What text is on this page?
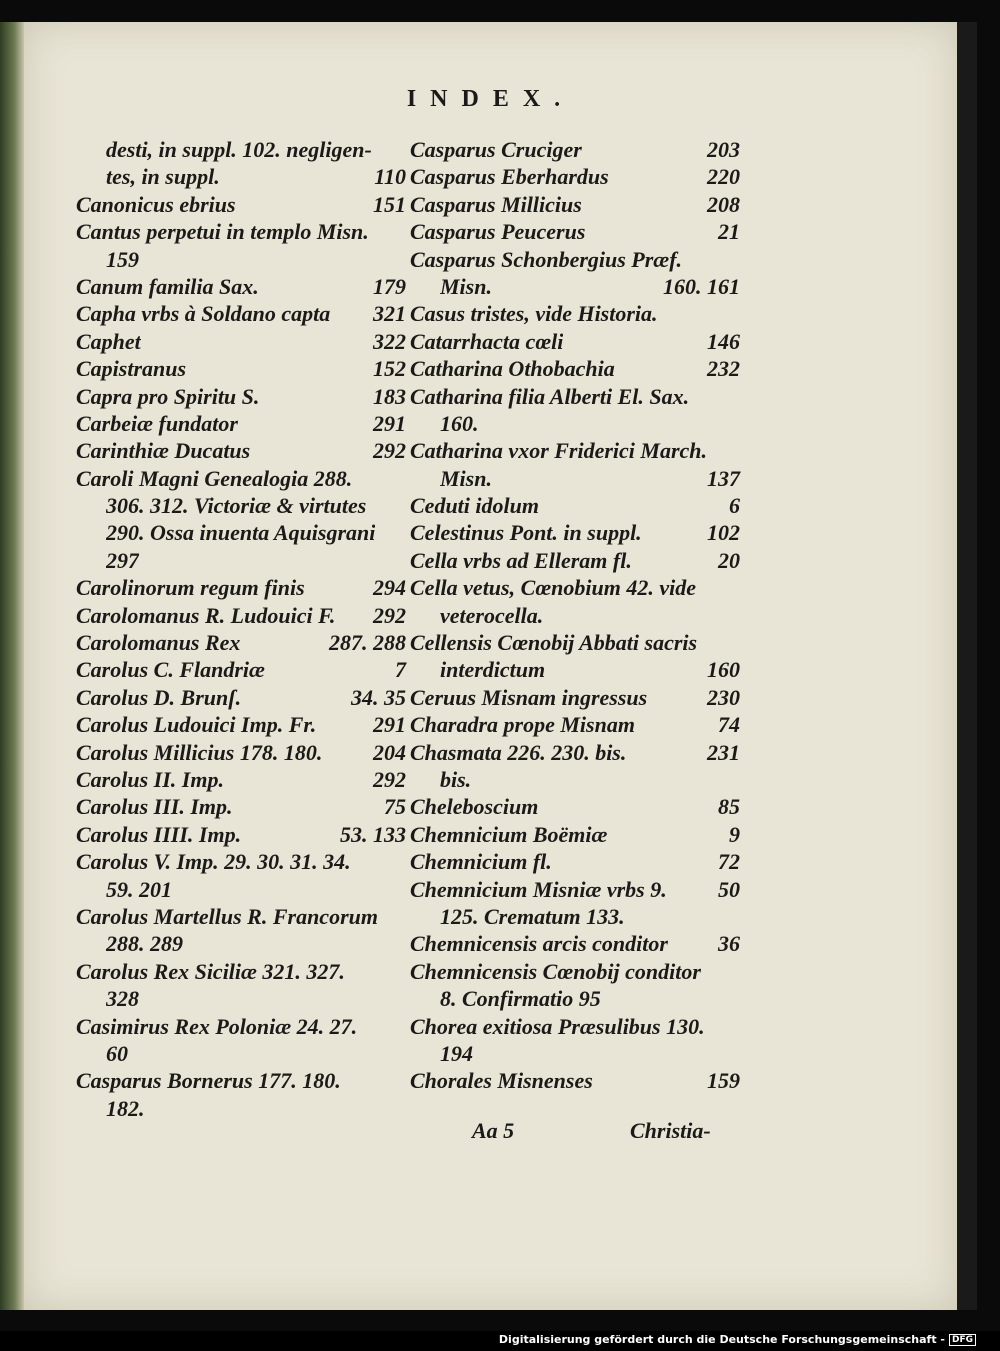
INDEX.
desti, in suppl. 102. negligen-
tes, in suppl.	110
Canonicus ebrius	151
Cantus perpetui in templo Misn.
159
Canum familia Sax.	179
Capha vrbs à Soldano capta	321
Caphet	322
Capistranus	152
Capra pro Spiritu S.	183
Carbeiæ fundator	291
Carinthiæ Ducatus	292
Caroli Magni Genealogia 288.
306. 312. Victoriæ & virtutes
290. Ossa inuenta Aquisgrani
297
Carolinorum regum finis	294
Carolomanus R. Ludouici F.	292
Carolomanus Rex	287. 288
Carolus C. Flandriæ	7
Carolus D. Brunſ.	34. 35
Carolus Ludouici Imp. Fr.	291
Carolus Millicius 178. 180.	204
Carolus II. Imp.	292
Carolus III. Imp.	75
Carolus IIII. Imp.	53. 133
Carolus V. Imp. 29. 30. 31. 34.
59. 201
Carolus Martellus R. Francorum
288. 289
Carolus Rex Siciliæ 321. 327.
328
Casimirus Rex Poloniæ 24. 27.
60
Casparus Bornerus 177. 180.
182.
Casparus Cruciger	203
Casparus Eberhardus	220
Casparus Millicius	208
Casparus Peucerus	21
Casparus Schonbergius Præf.
Misn.	160. 161
Casus tristes, vide Historia.
Catarrhacta cœli	146
Catharina Othobachia	232
Catharina filia Alberti El. Sax.
160.
Catharina vxor Friderici March.
Misn.	137
Ceduti idolum	6
Celestinus Pont. in suppl.	102
Cella vrbs ad Elleram fl.	20
Cella vetus, Cœnobium 42. vide
veterocella.
Cellensis Cœnobij Abbati sacris
interdictum	160
Ceruus Misnam ingressus	230
Charadra prope Misnam	74
Chasmata 226. 230. bis.	231
bis.
Cheleboscium	85
Chemnicium Boëmiæ	9
Chemnicium fl.	72
Chemnicium Misniæ vrbs 9.	50
125. Crematum 133.
Chemnicensis arcis conditor	36
Chemnicensis Cœnobij conditor
8. Confirmatio 95
Chorea exitiosa Præsulibus 130.
194
Chorales Misnenses	159
Aa 5	Christia-
Digitalisierung gefördert durch die Deutsche Forschungsgemeinschaft - DFG
